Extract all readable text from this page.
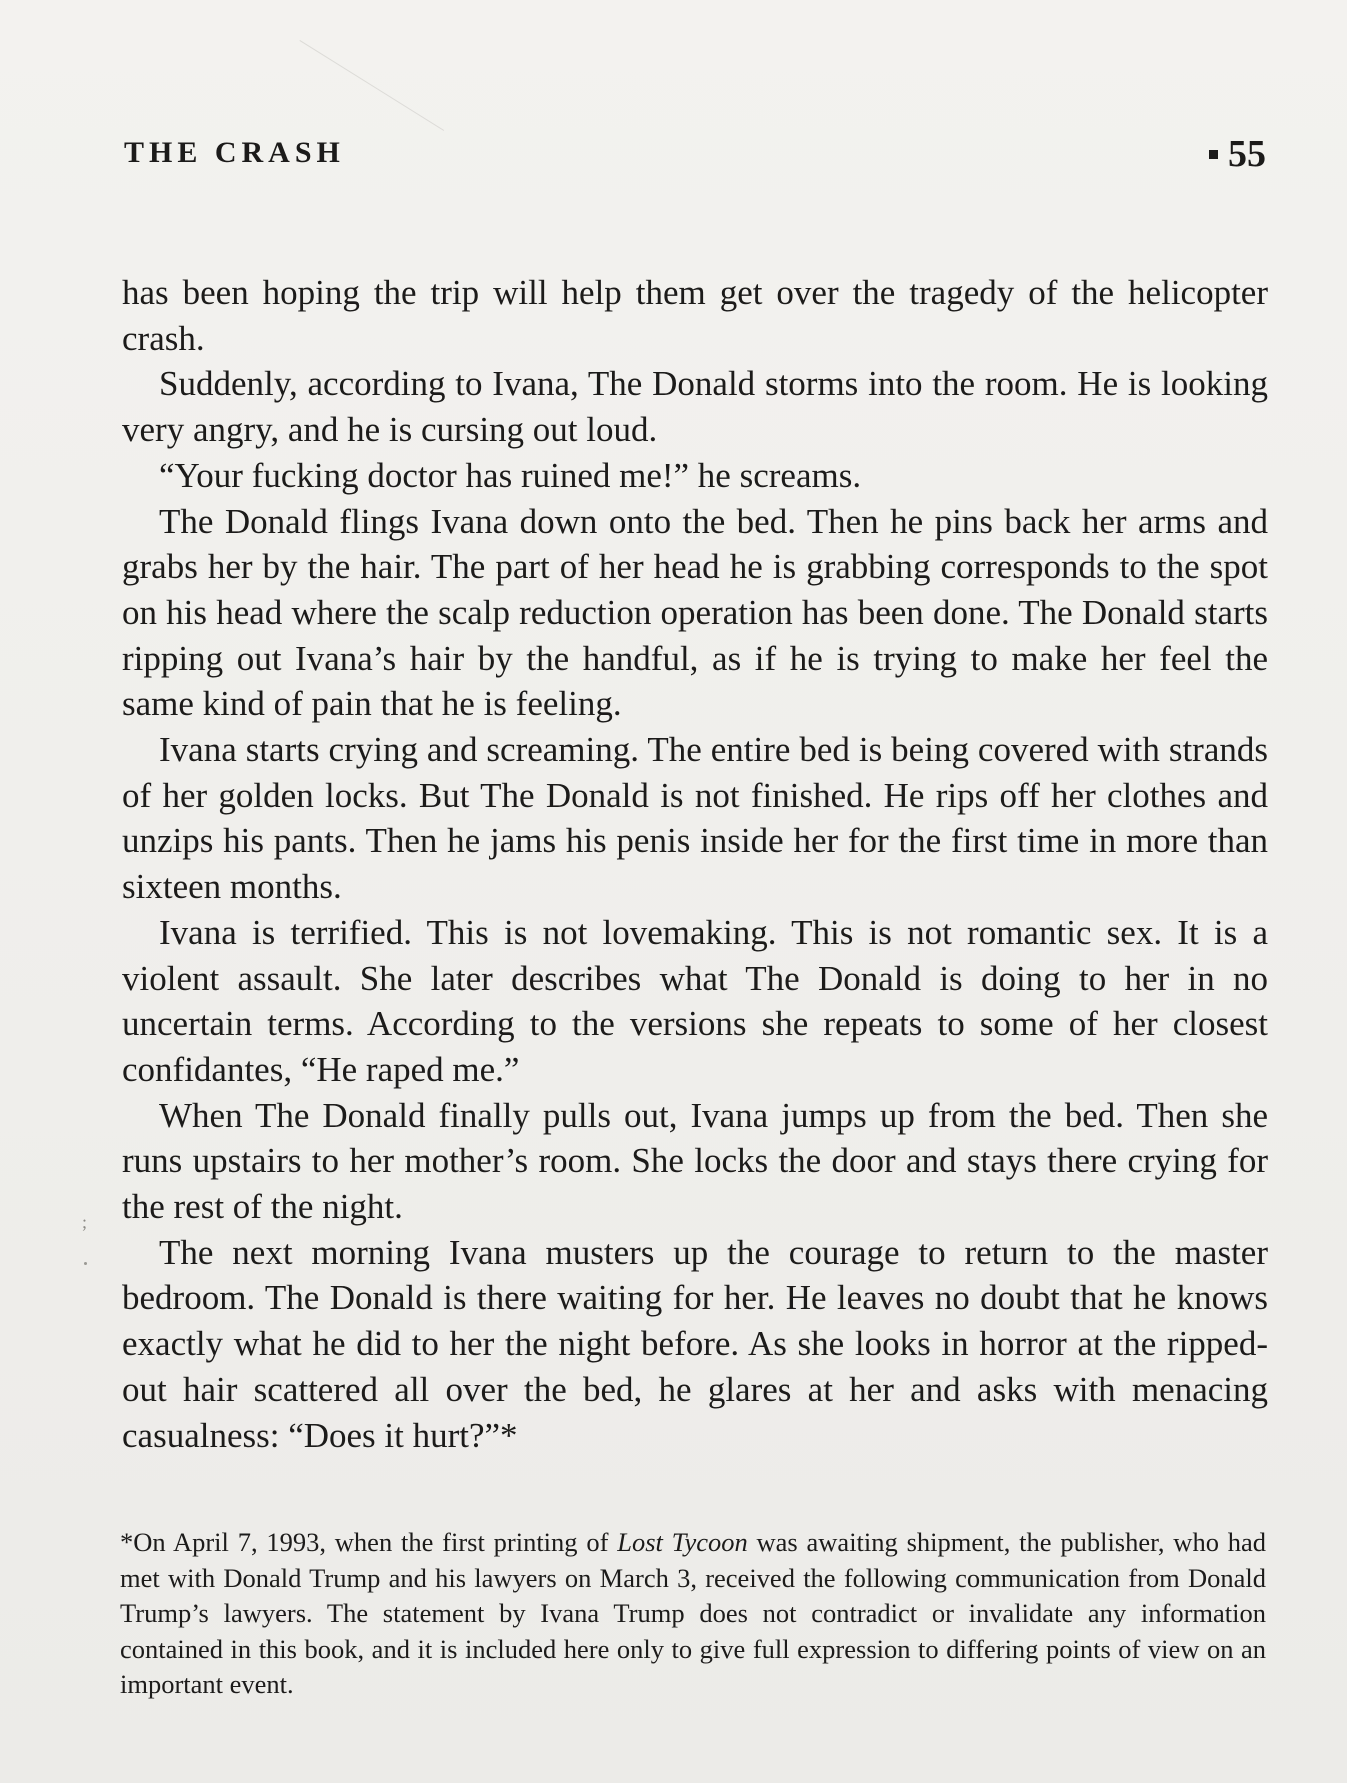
THE CRASH	55

has been hoping the trip will help them get over the tragedy of the helicopter crash.

Suddenly, according to Ivana, The Donald storms into the room. He is looking very angry, and he is cursing out loud.

“Your fucking doctor has ruined me!” he screams.

The Donald flings Ivana down onto the bed. Then he pins back her arms and grabs her by the hair. The part of her head he is grabbing corresponds to the spot on his head where the scalp reduction operation has been done. The Donald starts ripping out Ivana’s hair by the handful, as if he is trying to make her feel the same kind of pain that he is feeling.

Ivana starts crying and screaming. The entire bed is being covered with strands of her golden locks. But The Donald is not finished. He rips off her clothes and unzips his pants. Then he jams his penis inside her for the first time in more than sixteen months.

Ivana is terrified. This is not lovemaking. This is not romantic sex. It is a violent assault. She later describes what The Donald is doing to her in no uncertain terms. According to the versions she repeats to some of her closest confidantes, “He raped me.”

When The Donald finally pulls out, Ivana jumps up from the bed. Then she runs upstairs to her mother’s room. She locks the door and stays there crying for the rest of the night.

The next morning Ivana musters up the courage to return to the master bedroom. The Donald is there waiting for her. He leaves no doubt that he knows exactly what he did to her the night before. As she looks in horror at the ripped-out hair scattered all over the bed, he glares at her and asks with menacing casualness: “Does it hurt?”*

;

*On April 7, 1993, when the first printing of Lost Tycoon was awaiting shipment, the publisher, who had met with Donald Trump and his lawyers on March 3, received the following communication from Donald Trump’s lawyers. The statement by Ivana Trump does not contradict or invalidate any information contained in this book, and it is included here only to give full expression to differing points of view on an important event.
